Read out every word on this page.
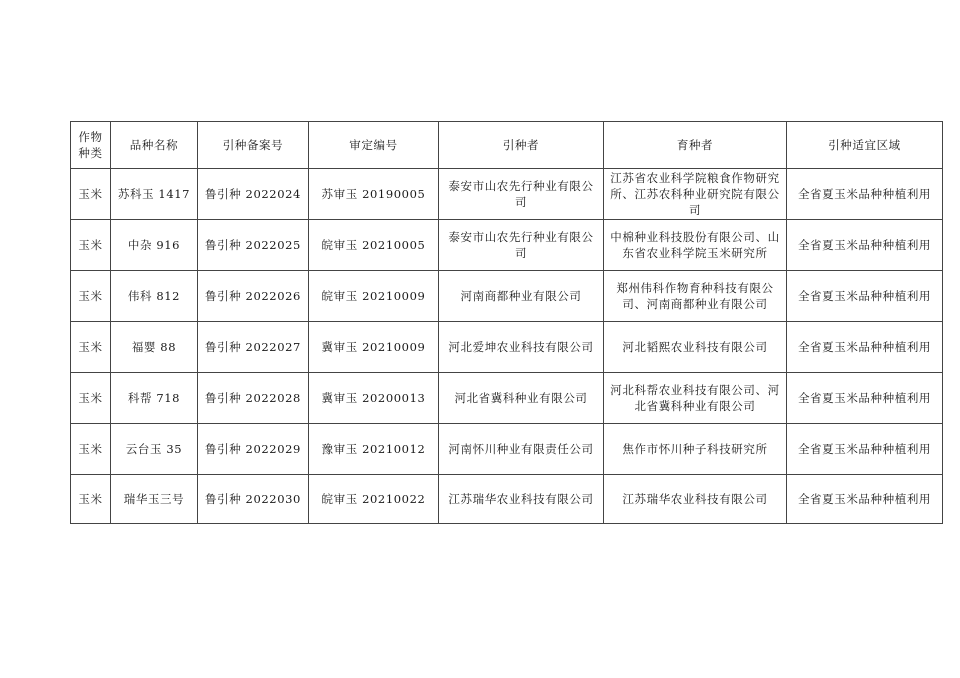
作物种类	品种名称	引种备案号	审定编号	引种者	育种者	引种适宜区域
玉米	苏科玉 1417	鲁引种 2022024	苏审玉 20190005	泰安市山农先行种业有限公司	江苏省农业科学院粮食作物研究所、江苏农科种业研究院有限公司	全省夏玉米品种种植利用
玉米	中杂 916	鲁引种 2022025	皖审玉 20210005	泰安市山农先行种业有限公司	中棉种业科技股份有限公司、山东省农业科学院玉米研究所	全省夏玉米品种种植利用
玉米	伟科 812	鲁引种 2022026	皖审玉 20210009	河南商都种业有限公司	郑州伟科作物育种科技有限公司、河南商都种业有限公司	全省夏玉米品种种植利用
玉米	福婴 88	鲁引种 2022027	冀审玉 20210009	河北爱坤农业科技有限公司	河北韬熙农业科技有限公司	全省夏玉米品种种植利用
玉米	科帮 718	鲁引种 2022028	冀审玉 20200013	河北省冀科种业有限公司	河北科帮农业科技有限公司、河北省冀科种业有限公司	全省夏玉米品种种植利用
玉米	云台玉 35	鲁引种 2022029	豫审玉 20210012	河南怀川种业有限责任公司	焦作市怀川种子科技研究所	全省夏玉米品种种植利用
玉米	瑞华玉三号	鲁引种 2022030	皖审玉 20210022	江苏瑞华农业科技有限公司	江苏瑞华农业科技有限公司	全省夏玉米品种种植利用
